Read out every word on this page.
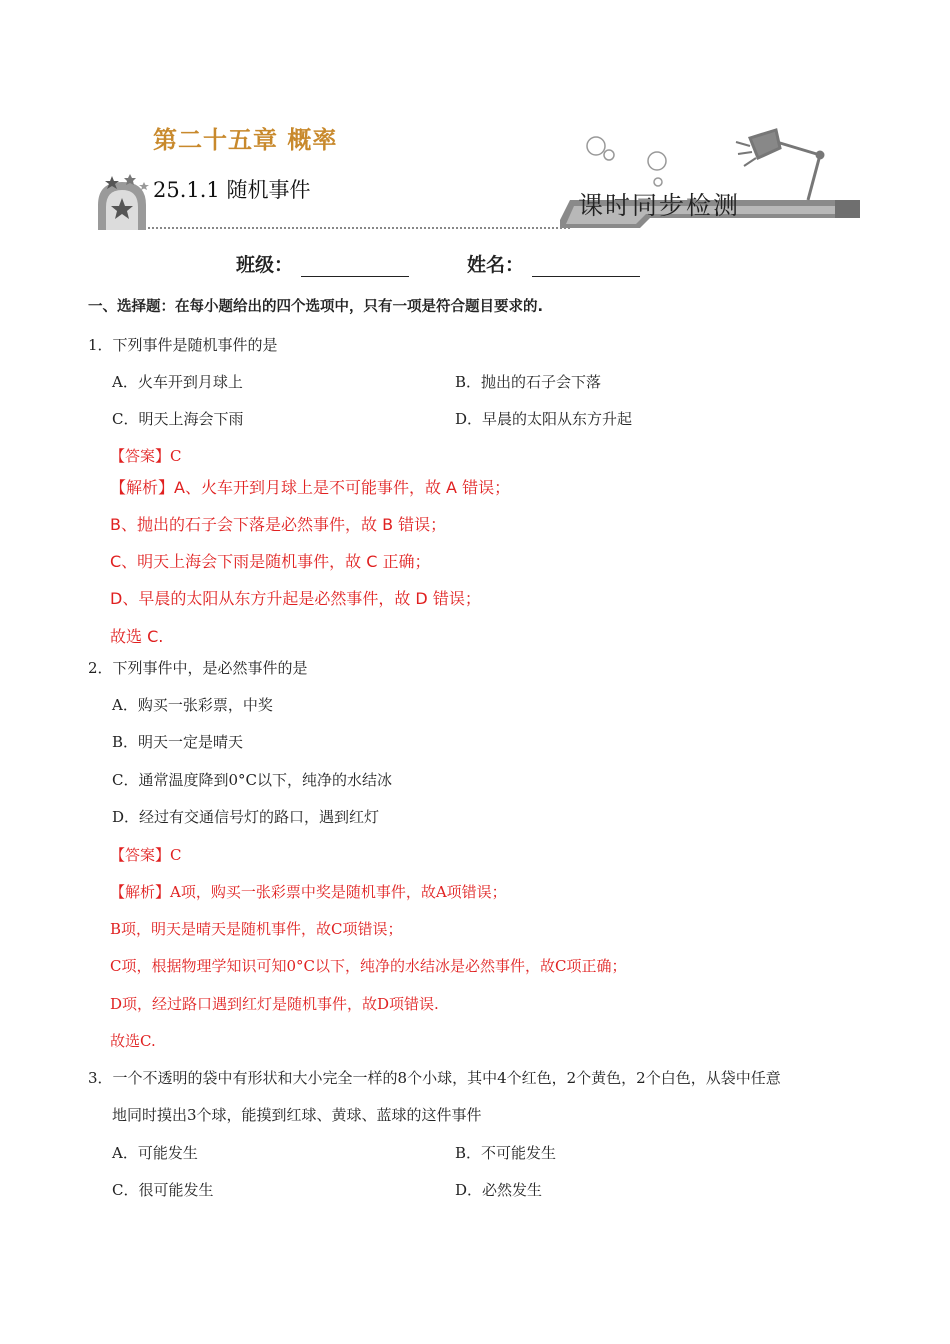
第二十五章 概率
25.1.1 随机事件
课时同步检测
班级：	姓名：
一、选择题：在每小题给出的四个选项中，只有一项是符合题目要求的.
1．下列事件是随机事件的是
A．火车开到月球上	B．抛出的石子会下落
C．明天上海会下雨	D．早晨的太阳从东方升起
【答案】C
【解析】A、火车开到月球上是不可能事件，故 A 错误；
B、抛出的石子会下落是必然事件，故 B 错误；
C、明天上海会下雨是随机事件，故 C 正确；
D、早晨的太阳从东方升起是必然事件，故 D 错误；
故选 C.
2．下列事件中，是必然事件的是
A．购买一张彩票，中奖
B．明天一定是晴天
C．通常温度降到0°C以下，纯净的水结冰
D．经过有交通信号灯的路口，遇到红灯
【答案】C
【解析】A项，购买一张彩票中奖是随机事件，故A项错误；
B项，明天是晴天是随机事件，故C项错误；
C项，根据物理学知识可知0°C以下，纯净的水结冰是必然事件，故C项正确；
D项，经过路口遇到红灯是随机事件，故D项错误.
故选C.
3．一个不透明的袋中有形状和大小完全一样的8个小球，其中4个红色，2个黄色，2个白色，从袋中任意
地同时摸出3个球，能摸到红球、黄球、蓝球的这件事件
A．可能发生	B．不可能发生
C．很可能发生	D．必然发生
